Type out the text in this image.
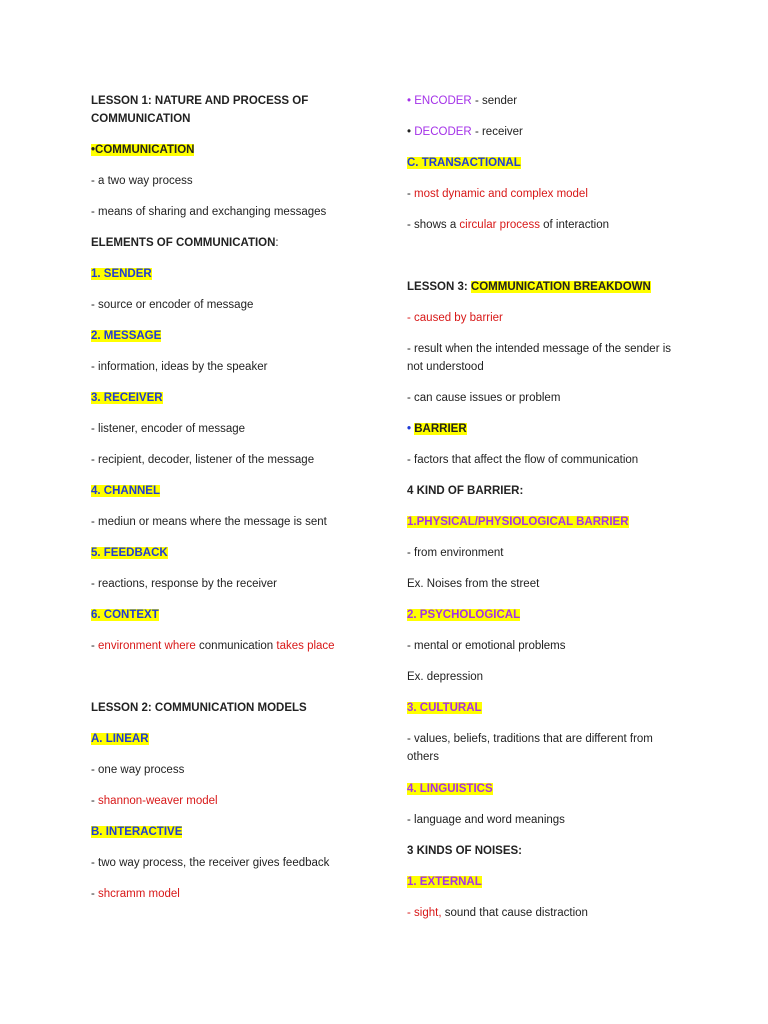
LESSON 1: NATURE AND PROCESS OF COMMUNICATION
•COMMUNICATION
- a two way process
- means of sharing and exchanging messages
ELEMENTS OF COMMUNICATION:
1. SENDER
- source or encoder of message
2. MESSAGE
- information, ideas by the speaker
3. RECEIVER
- listener, encoder of message
- recipient, decoder, listener of the message
4. CHANNEL
- mediun or means where the message is sent
5. FEEDBACK
- reactions, response by the receiver
6. CONTEXT
- environment where conmunication takes place
LESSON 2: COMMUNICATION MODELS
A. LINEAR
- one way process
- shannon-weaver model
B. INTERACTIVE
- two way process, the receiver gives feedback
- shcramm model
• ENCODER - sender
• DECODER - receiver
C. TRANSACTIONAL
- most dynamic and complex model
- shows a circular process of interaction
LESSON 3: COMMUNICATION BREAKDOWN
- caused by barrier
- result when the intended message of the sender is not understood
- can cause issues or problem
• BARRIER
- factors that affect the flow of communication
4 KIND OF BARRIER:
1.PHYSICAL/PHYSIOLOGICAL BARRIER
- from environment
Ex. Noises from the street
2. PSYCHOLOGICAL
- mental or emotional problems
Ex. depression
3. CULTURAL
- values, beliefs, traditions that are different from others
4. LINGUISTICS
- language and word meanings
3 KINDS OF NOISES:
1. EXTERNAL
- sight, sound that cause distraction
